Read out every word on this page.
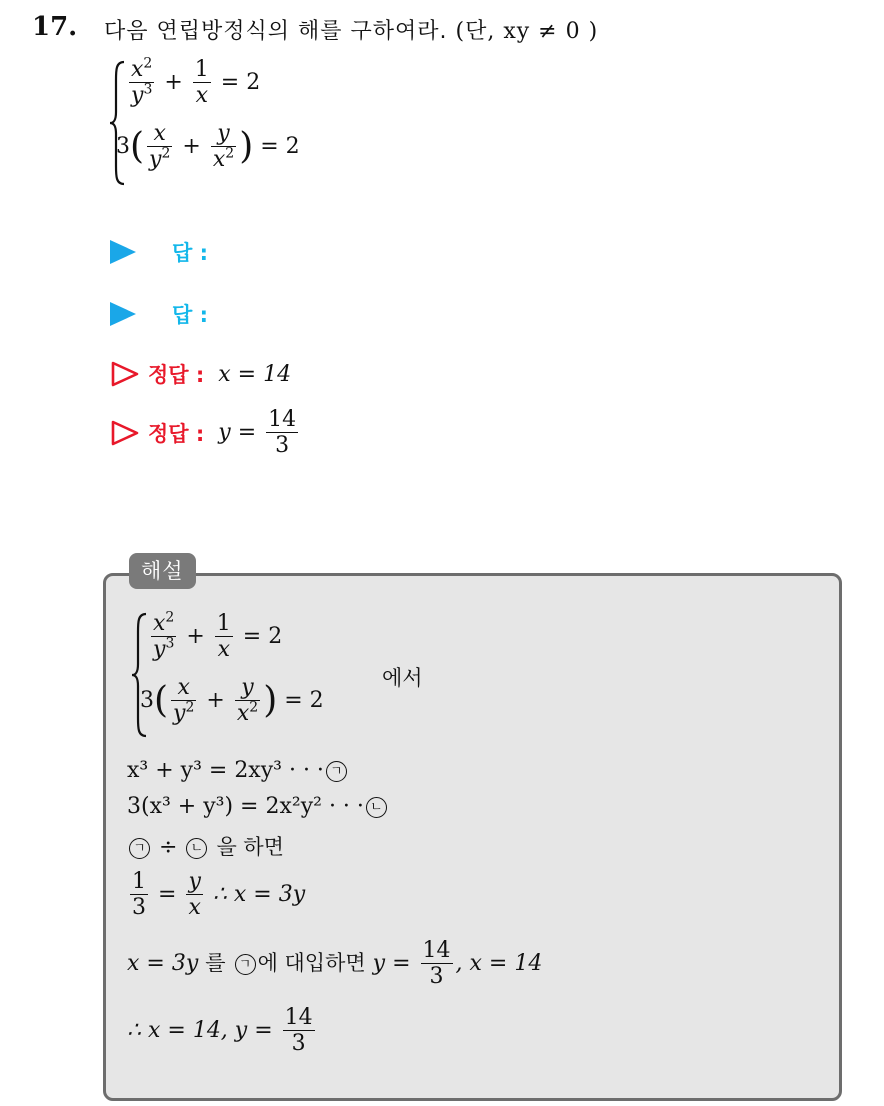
17. 다음 연립방정식의 해를 구하여라. (단, xy ≠ 0 )
$\frac{x^2}{y^3} + \frac{1}{x} = 2$
$3( \frac{x}{y^2} + \frac{y}{x^2}$ ) = 2
답 :
답 :
정답 : x = 14
정답 : $y = \frac{14}{3}$
해설
$\frac{x^2}{y^3} + \frac{1}{x} = 2$
에서
$3( \frac{x}{y^2} + \frac{y}{x^2}$ ) = 2
x³ + y³ = 2xy³ · · · ㄱ
3(x³ + y³) = 2x²y² · · · ㄴ
ㄱ ÷ ㄴ 을 하면
$\frac{1}{3} = \frac{y}{x}$ ∴ x = 3y
x = 3y 를 ㄱ 에 대입하면 $y = \frac{14}{3}$ , x = 14
∴ x = 14, $y = \frac{14}{3}$
